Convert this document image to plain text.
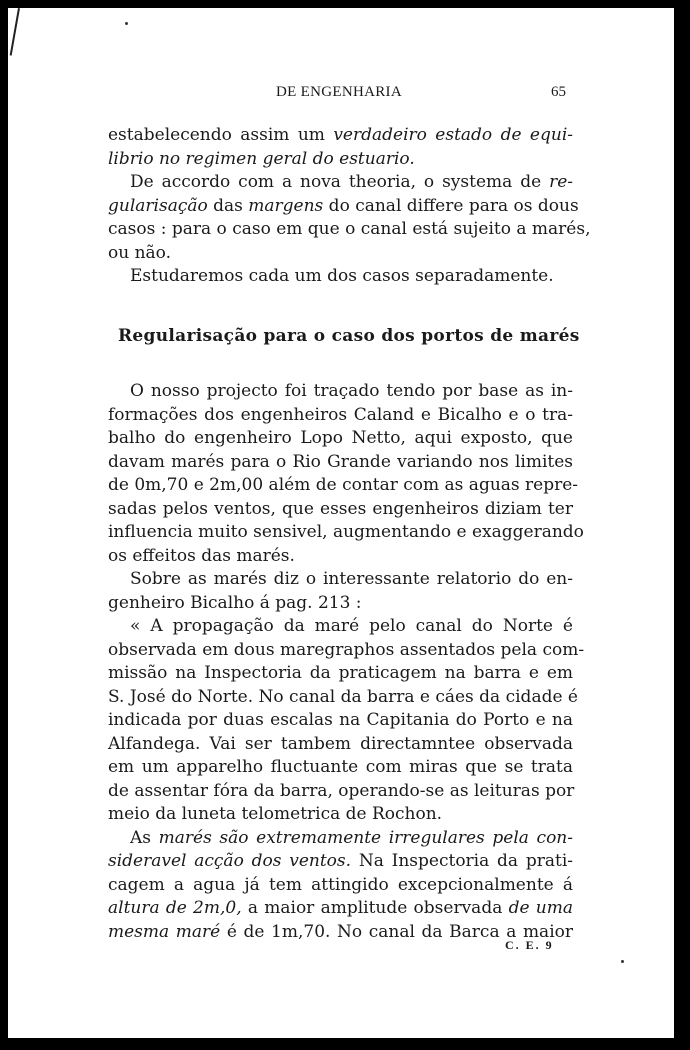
DE ENGENHARIA	65
estabelecendo assim um verdadeiro estado de equi-
librio no regimen geral do estuario.
De accordo com a nova theoria, o systema de re-
gularisação das margens do canal differe para os dous
casos : para o caso em que o canal está sujeito a marés,
ou não.
Estudaremos cada um dos casos separadamente.
Regularisação para o caso dos portos de marés
O nosso projecto foi traçado tendo por base as in-
formações dos engenheiros Caland e Bicalho e o tra-
balho do engenheiro Lopo Netto, aqui exposto, que
davam marés para o Rio Grande variando nos limites
de 0m,70 e 2m,00 além de contar com as aguas repre-
sadas pelos ventos, que esses engenheiros diziam ter
influencia muito sensivel, augmentando e exaggerando
os effeitos das marés.
Sobre as marés diz o interessante relatorio do en-
genheiro Bicalho á pag. 213 :
« A propagação da maré pelo canal do Norte é
observada em dous maregraphos assentados pela com-
missão na Inspectoria da praticagem na barra e em
S. José do Norte. No canal da barra e cáes da cidade é
indicada por duas escalas na Capitania do Porto e na
Alfandega. Vai ser tambem directamntee observada
em um apparelho fluctuante com miras que se trata
de assentar fóra da barra, operando-se as leituras por
meio da luneta telometrica de Rochon.
As marés são extremamente irregulares pela con-
sideravel acção dos ventos. Na Inspectoria da prati-
cagem a agua já tem attingido excepcionalmente á
altura de 2m,0, a maior amplitude observada de uma
mesma maré é de 1m,70. No canal da Barca a maior
C. E. 9
